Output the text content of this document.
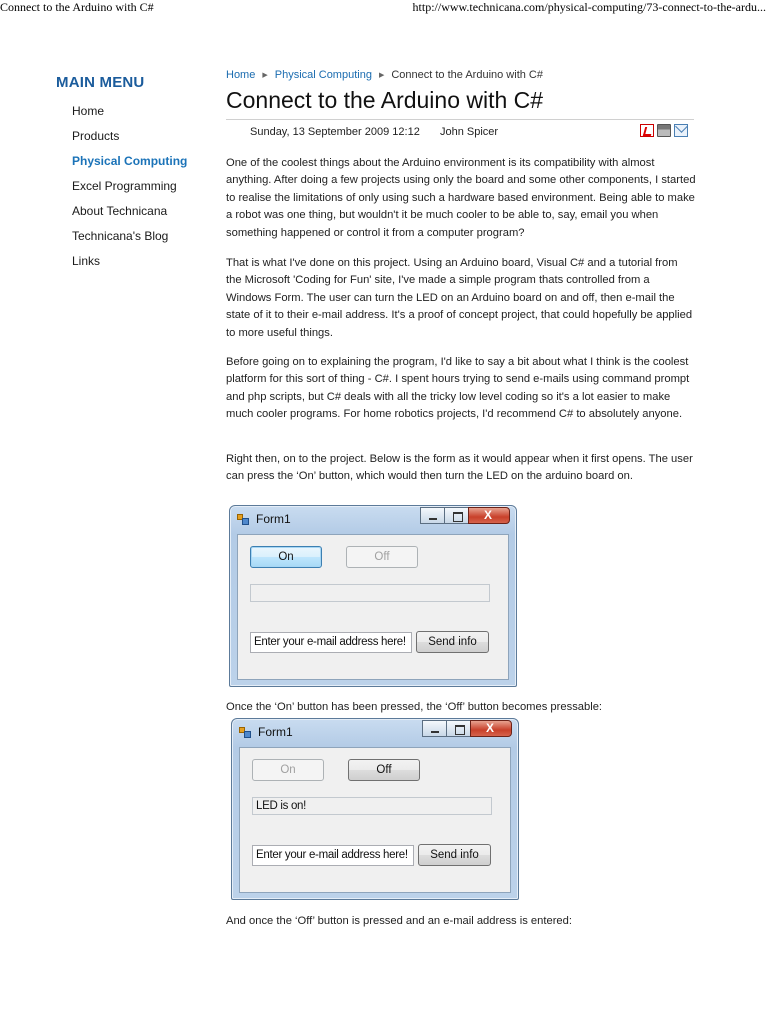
Connect to the Arduino with C#	http://www.technicana.com/physical-computing/73-connect-to-the-ardu...
MAIN MENU
Home
Products
Physical Computing
Excel Programming
About Technicana
Technicana's Blog
Links
Home ▶ Physical Computing ▶ Connect to the Arduino with C#
Connect to the Arduino with C#
Sunday, 13 September 2009 12:12 John Spicer

One of the coolest things about the Arduino environment is its compatibility with almost anything. After doing a few projects using only the board and some other components, I started to realise the limitations of only using such a hardware based environment. Being able to make a robot was one thing, but wouldn't it be much cooler to be able to, say, email you when something happened or control it from a computer program?

That is what I've done on this project. Using an Arduino board, Visual C# and a tutorial from the Microsoft 'Coding for Fun' site, I've made a simple program thats controlled from a Windows Form. The user can turn the LED on an Arduino board on and off, then e-mail the state of it to their e-mail address. It's a proof of concept project, that could hopefully be applied to more useful things.

Before going on to explaining the program, I'd like to say a bit about what I think is the coolest platform for this sort of thing - C#. I spent hours trying to send e-mails using command prompt and php scripts, but C# deals with all the tricky low level coding so it's a lot easier to make much cooler programs. For home robotics projects, I'd recommend C# to absolutely anyone.

Right then, on to the project. Below is the form as it would appear when it first opens. The user can press the ‘On’ button, which would then turn the LED on the arduino board on.

Form1
X
On	Off
Enter your e-mail address here!	Send info

Once the ‘On’ button has been pressed, the ‘Off’ button becomes pressable:

Form1
X
On	Off
LED is on!
Enter your e-mail address here!	Send info

And once the ‘Off’ button is pressed and an e-mail address is entered:
